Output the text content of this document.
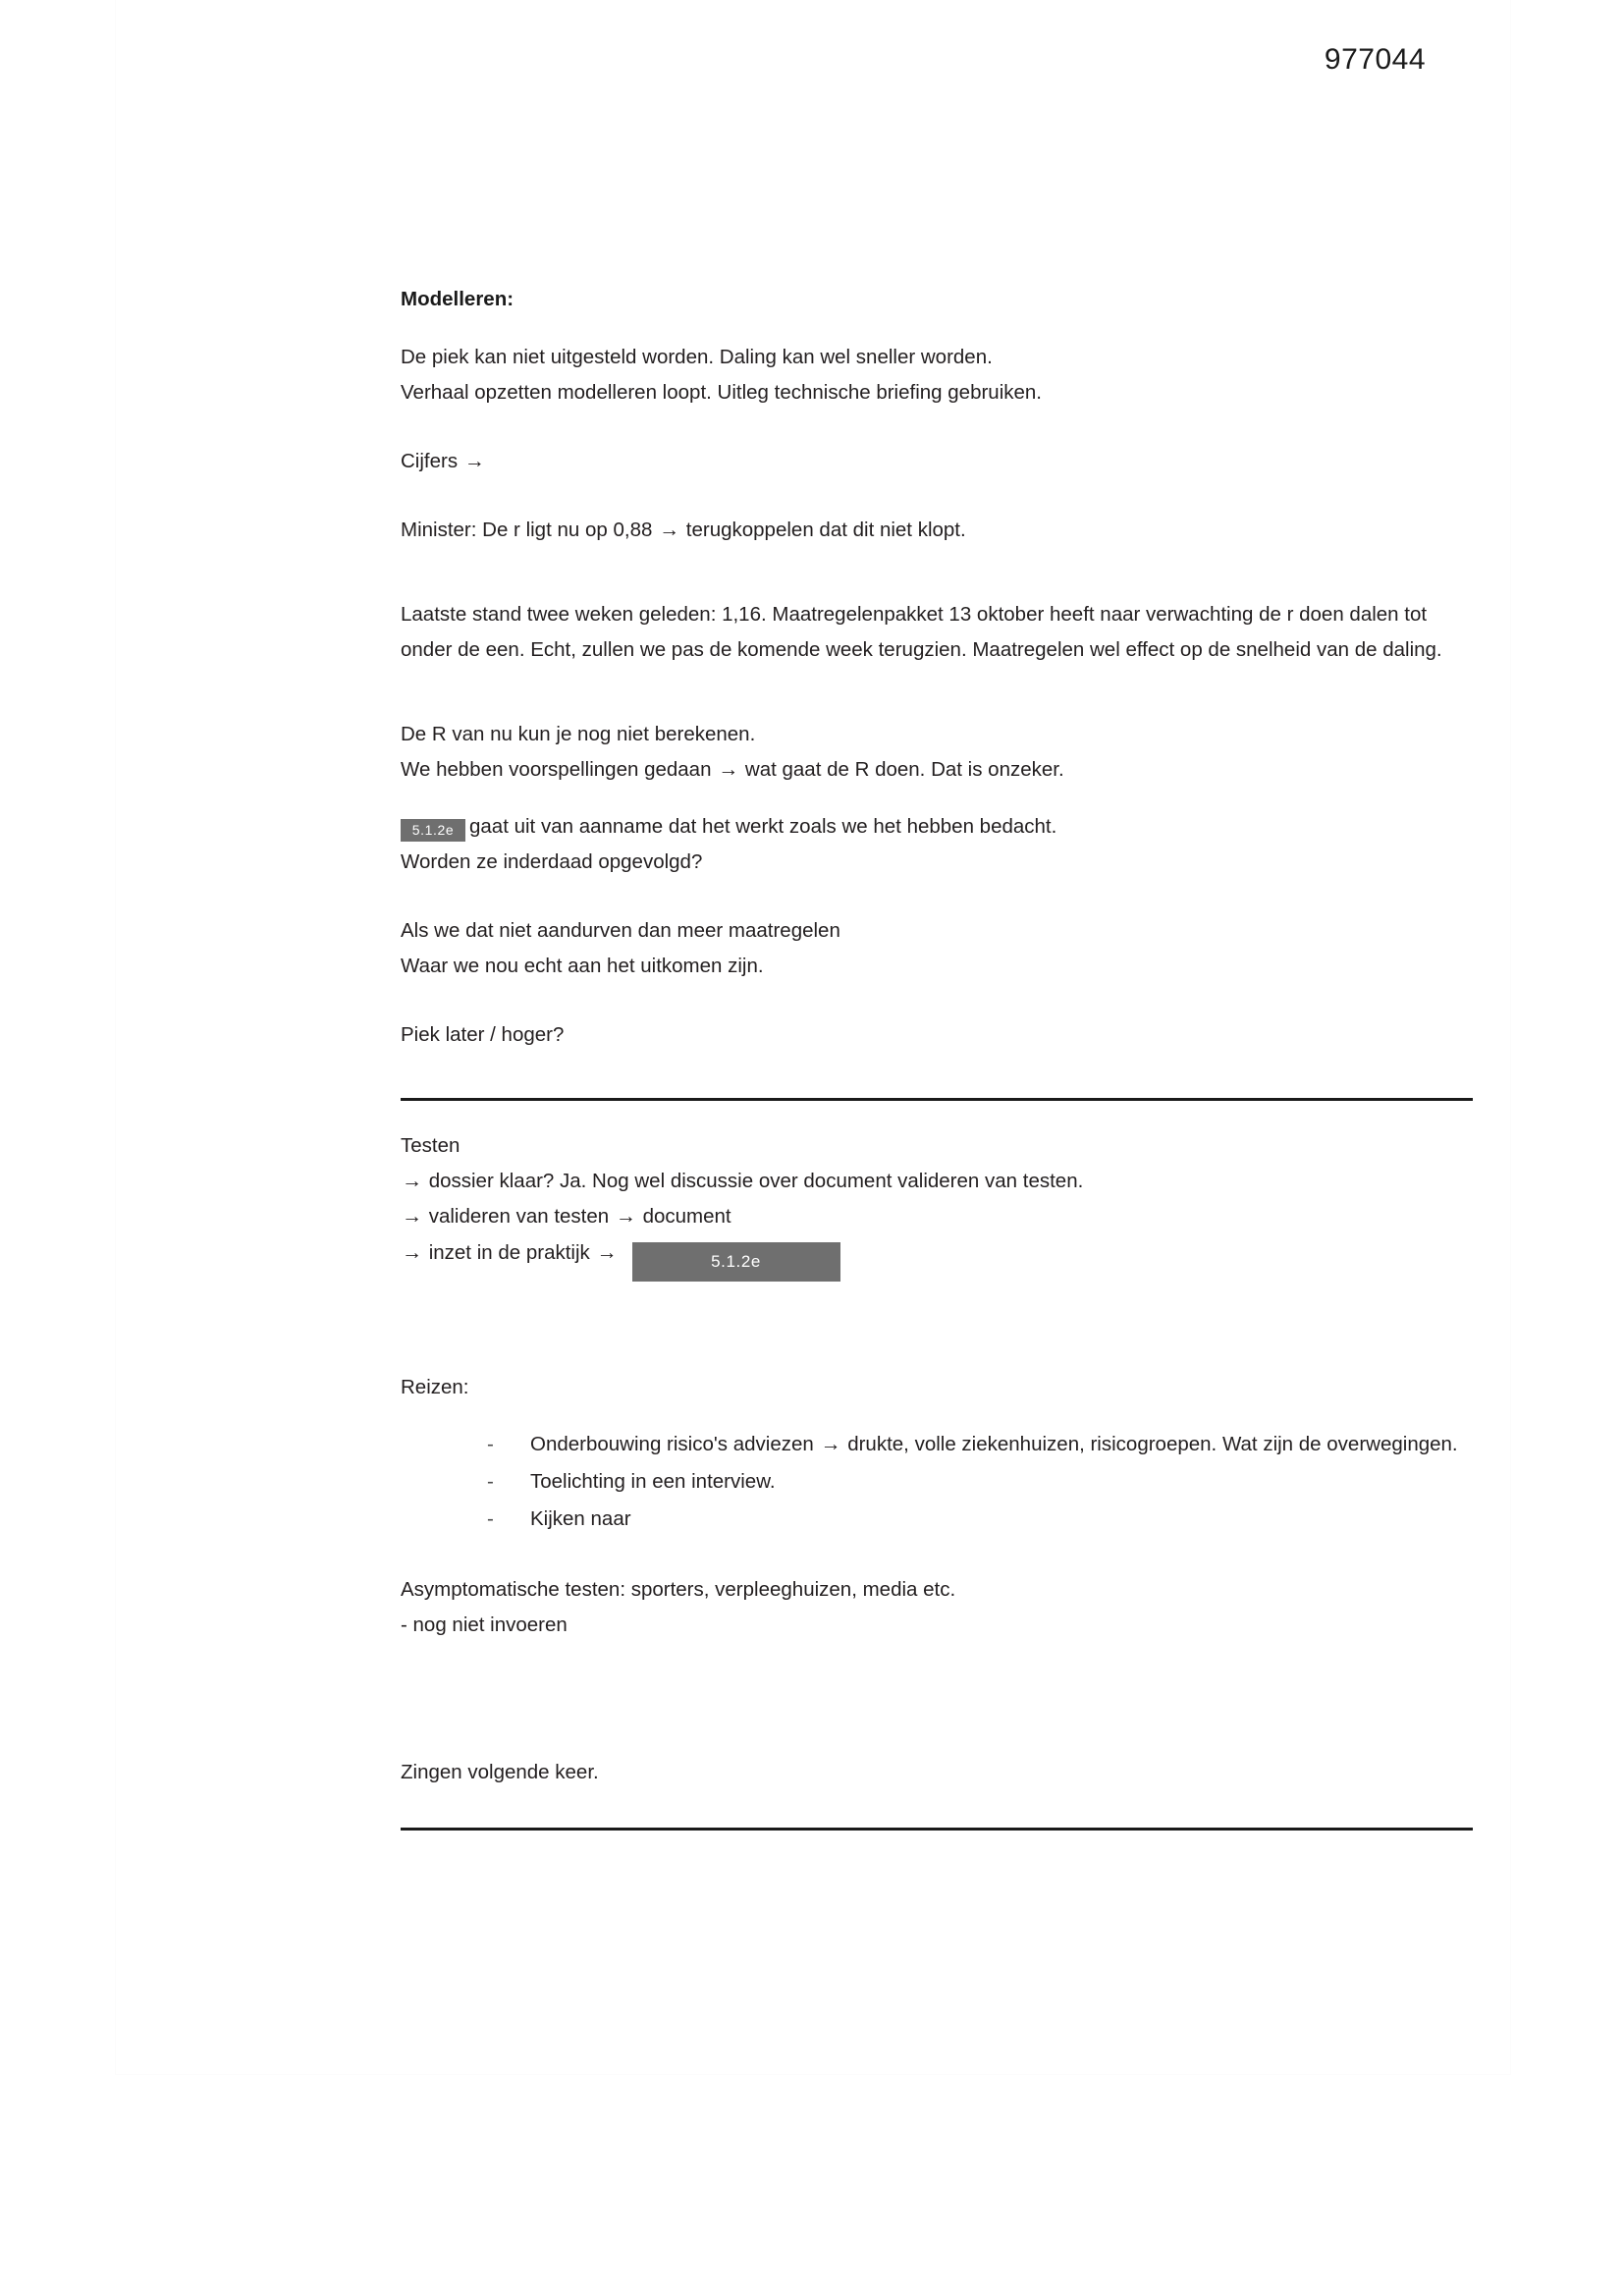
977044
Modelleren:
De piek kan niet uitgesteld worden. Daling kan wel sneller worden.
Verhaal opzetten modelleren loopt. Uitleg technische briefing gebruiken.
Cijfers →
Minister: De r ligt nu op 0,88 → terugkoppelen dat dit niet klopt.
Laatste stand twee weken geleden: 1,16. Maatregelenpakket 13 oktober heeft naar verwachting de r doen dalen tot onder de een. Echt, zullen we pas de komende week terugzien. Maatregelen wel effect op de snelheid van de daling.
De R van nu kun je nog niet berekenen.
We hebben voorspellingen gedaan → wat gaat de R doen. Dat is onzeker.
5.1.2e gaat uit van aanname dat het werkt zoals we het hebben bedacht.
Worden ze inderdaad opgevolgd?
Als we dat niet aandurven dan meer maatregelen
Waar we nou echt aan het uitkomen zijn.
Piek later / hoger?
Testen
→ dossier klaar? Ja. Nog wel discussie over document valideren van testen.
→ valideren van testen → document
→ inzet in de praktijk →	5.1.2e
Reizen:
- Onderbouwing risico's adviezen → drukte, volle ziekenhuizen, risicogroepen. Wat zijn de overwegingen.
- Toelichting in een interview.
- Kijken naar
Asymptomatische testen: sporters, verpleeghuizen, media etc.
- nog niet invoeren
Zingen volgende keer.
